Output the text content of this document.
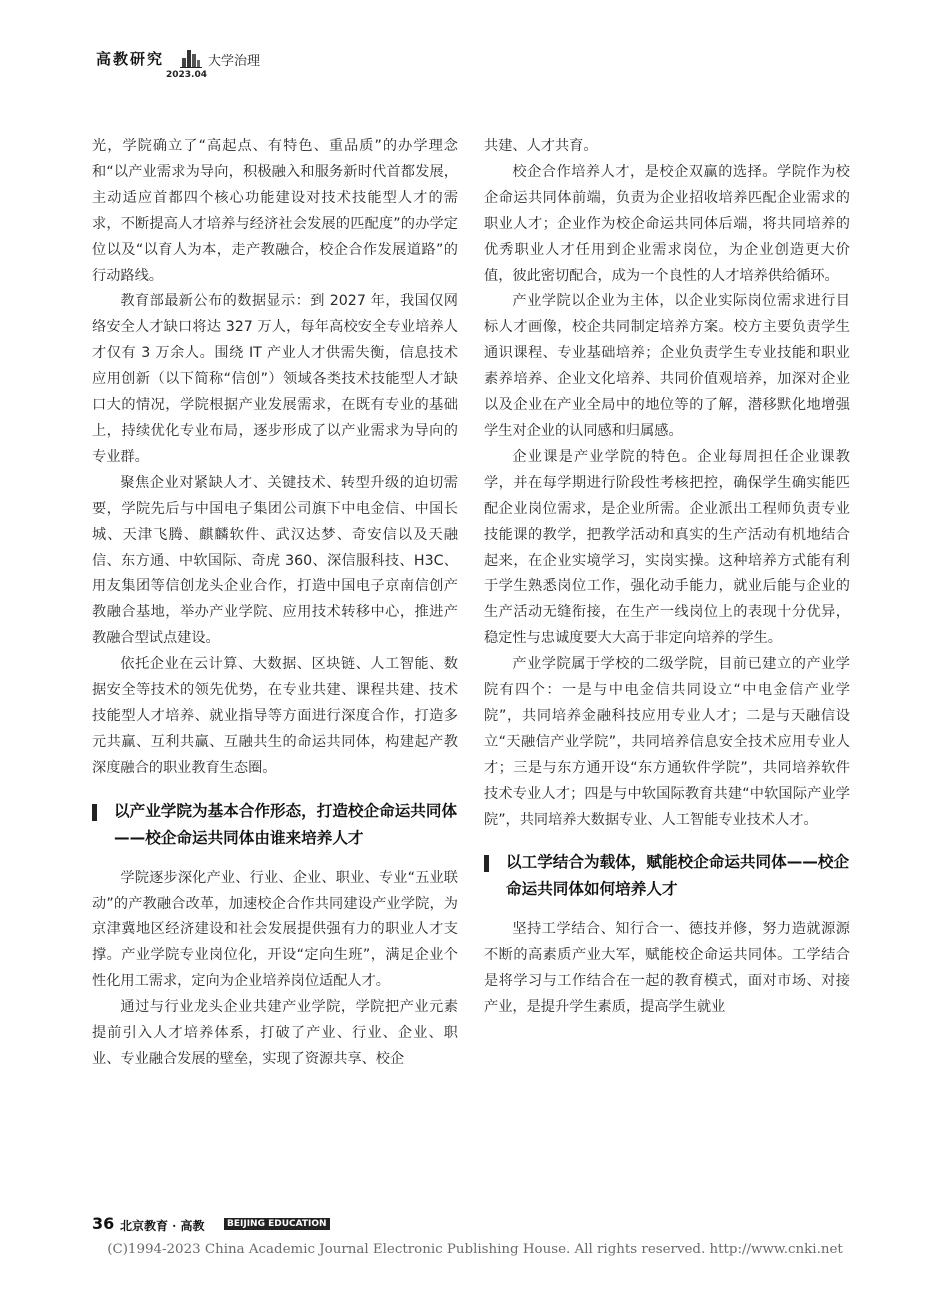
高教研究	大学治理
2023.04

光，学院确立了“高起点、有特色、重品质”的办学理念和“以产业需求为导向，积极融入和服务新时代首都发展，主动适应首都四个核心功能建设对技术技能型人才的需求，不断提高人才培养与经济社会发展的匹配度”的办学定位以及“以育人为本，走产教融合，校企合作发展道路”的行动路线。

教育部最新公布的数据显示：到 2027 年，我国仅网络安全人才缺口将达 327 万人，每年高校安全专业培养人才仅有 3 万余人。围绕 IT 产业人才供需失衡，信息技术应用创新（以下简称“信创”）领域各类技术技能型人才缺口大的情况，学院根据产业发展需求，在既有专业的基础上，持续优化专业布局，逐步形成了以产业需求为导向的专业群。

聚焦企业对紧缺人才、关键技术、转型升级的迫切需要，学院先后与中国电子集团公司旗下中电金信、中国长城、天津飞腾、麒麟软件、武汉达梦、奇安信以及天融信、东方通、中软国际、奇虎 360、深信服科技、H3C、用友集团等信创龙头企业合作，打造中国电子京南信创产教融合基地，举办产业学院、应用技术转移中心，推进产教融合型试点建设。

依托企业在云计算、大数据、区块链、人工智能、数据安全等技术的领先优势，在专业共建、课程共建、技术技能型人才培养、就业指导等方面进行深度合作，打造多元共赢、互利共赢、互融共生的命运共同体，构建起产教深度融合的职业教育生态圈。

以产业学院为基本合作形态，打造校企命运共同体——校企命运共同体由谁来培养人才

学院逐步深化产业、行业、企业、职业、专业“五业联动”的产教融合改革，加速校企合作共同建设产业学院，为京津冀地区经济建设和社会发展提供强有力的职业人才支撑。产业学院专业岗位化，开设“定向生班”，满足企业个性化用工需求，定向为企业培养岗位适配人才。

通过与行业龙头企业共建产业学院，学院把产业元素提前引入人才培养体系，打破了产业、行业、企业、职业、专业融合发展的壁垒，实现了资源共享、校企

共建、人才共育。

校企合作培养人才，是校企双赢的选择。学院作为校企命运共同体前端，负责为企业招收培养匹配企业需求的职业人才；企业作为校企命运共同体后端，将共同培养的优秀职业人才任用到企业需求岗位，为企业创造更大价值，彼此密切配合，成为一个良性的人才培养供给循环。

产业学院以企业为主体，以企业实际岗位需求进行目标人才画像，校企共同制定培养方案。校方主要负责学生通识课程、专业基础培养；企业负责学生专业技能和职业素养培养、企业文化培养、共同价值观培养，加深对企业以及企业在产业全局中的地位等的了解，潜移默化地增强学生对企业的认同感和归属感。

企业课是产业学院的特色。企业每周担任企业课教学，并在每学期进行阶段性考核把控，确保学生确实能匹配企业岗位需求，是企业所需。企业派出工程师负责专业技能课的教学，把教学活动和真实的生产活动有机地结合起来，在企业实境学习，实岗实操。这种培养方式能有利于学生熟悉岗位工作，强化动手能力，就业后能与企业的生产活动无缝衔接，在生产一线岗位上的表现十分优异，稳定性与忠诚度要大大高于非定向培养的学生。

产业学院属于学校的二级学院，目前已建立的产业学院有四个：一是与中电金信共同设立“中电金信产业学院”，共同培养金融科技应用专业人才；二是与天融信设立“天融信产业学院”，共同培养信息安全技术应用专业人才；三是与东方通开设“东方通软件学院”，共同培养软件技术专业人才；四是与中软国际教育共建“中软国际产业学院”，共同培养大数据专业、人工智能专业技术人才。

以工学结合为载体，赋能校企命运共同体——校企命运共同体如何培养人才

坚持工学结合、知行合一、德技并修，努力造就源源不断的高素质产业大军，赋能校企命运共同体。工学结合是将学习与工作结合在一起的教育模式，面对市场、对接产业，是提升学生素质，提高学生就业

36 北京教育 · 高教	BEIJING EDUCATION
(C)1994-2023 China Academic Journal Electronic Publishing House. All rights reserved. http://www.cnki.net
